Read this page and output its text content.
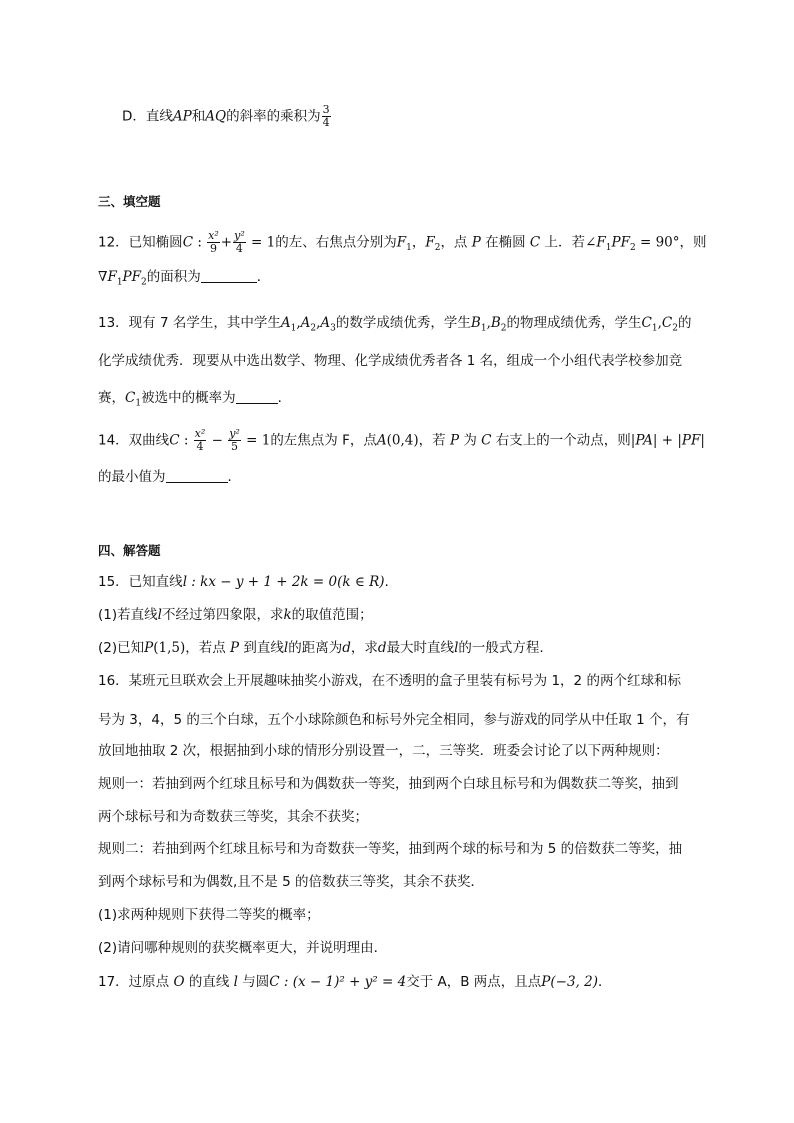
D．直线AP和AQ的斜率的乘积为 $\frac{3}{4}$
三、填空题
12．已知椭圆C : $\frac{\text{x²}}{9} + \frac{\text{y²}}{4} = 1$的左、右焦点分别为$F_1$，$F_2$，点 P 在椭圆 C 上．若$\angle F_1PF_2 = 90^\circ$，则
$\nabla F_1PF_2$的面积为	．
13．现有 7 名学生，其中学生$A_1,A_2,A_3$的数学成绩优秀，学生$B_1,B_2$的物理成绩优秀，学生$C_1,C_2$的
化学成绩优秀．现要从中选出数学、物理、化学成绩优秀者各 1 名，组成一个小组代表学校参加竞
赛，$C_1$被选中的概率为	．
14．双曲线C : $\frac{\text{x²}}{4} - \frac{\text{y²}}{5} = 1$的左焦点为 F，点A(0,4)，若 P 为 C 右支上的一个动点，则|PA| + |PF|
的最小值为	．
四、解答题
15．已知直线l : kx − y + 1 + 2k = 0(k ∈ R).
(1)若直线l不经过第四象限，求k的取值范围；
(2)已知P(1,5)，若点 P 到直线l的距离为d，求d最大时直线l的一般式方程.
16．某班元旦联欢会上开展趣味抽奖小游戏，在不透明的盒子里装有标号为 1，2 的两个红球和标
号为 3，4，5 的三个白球，五个小球除颜色和标号外完全相同，参与游戏的同学从中任取 1 个，有
放回地抽取 2 次，根据抽到小球的情形分别设置一，二，三等奖．班委会讨论了以下两种规则：
规则一：若抽到两个红球且标号和为偶数获一等奖，抽到两个白球且标号和为偶数获二等奖，抽到
两个球标号和为奇数获三等奖，其余不获奖；
规则二：若抽到两个红球且标号和为奇数获一等奖，抽到两个球的标号和为 5 的倍数获二等奖，抽
到两个球标号和为偶数,且不是 5 的倍数获三等奖，其余不获奖．
(1)求两种规则下获得二等奖的概率；
(2)请问哪种规则的获奖概率更大，并说明理由．
17．过原点 O 的直线 l 与圆C : (x − 1)² + y² = 4交于 A，B 两点，且点P(−3, 2)．
